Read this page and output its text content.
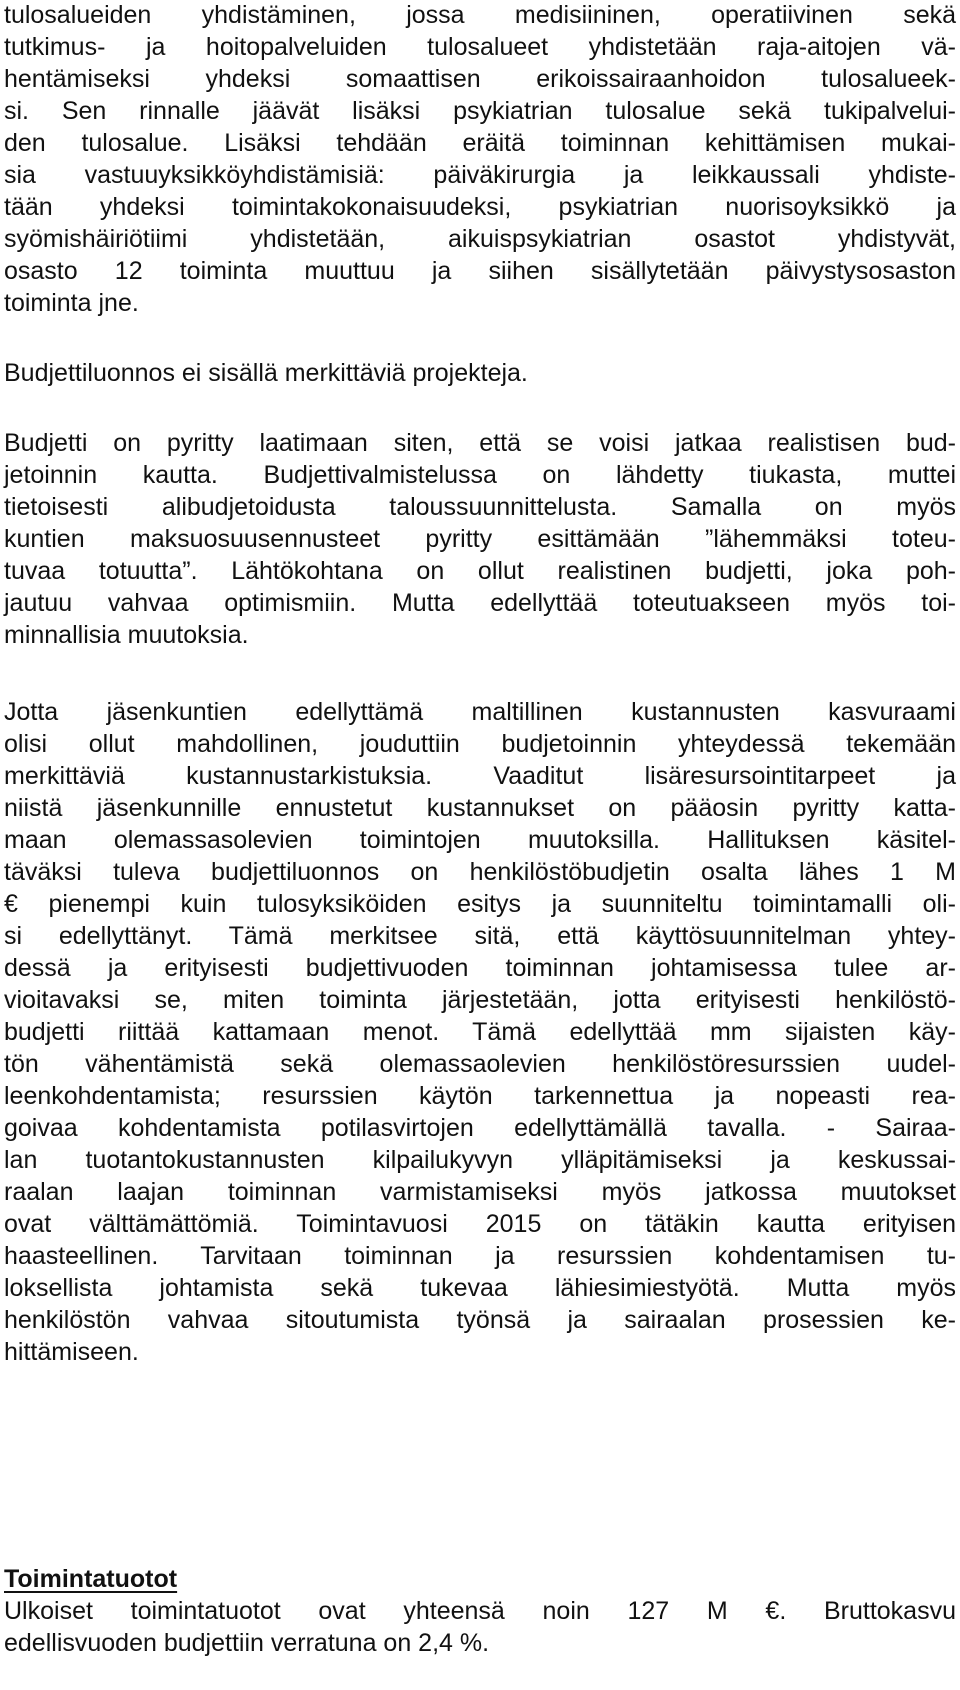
tulosalueiden yhdistäminen, jossa medisiininen, operatiivinen sekä
tutkimus- ja hoitopalveluiden tulosalueet yhdistetään raja-aitojen vä-
hentämiseksi yhdeksi somaattisen erikoissairaanhoidon tulosalueek-
si. Sen rinnalle jäävät lisäksi psykiatrian tulosalue sekä tukipalvelui-
den tulosalue. Lisäksi tehdään eräitä toiminnan kehittämisen mukai-
sia vastuuyksikköyhdistämisiä: päiväkirurgia ja leikkaussali yhdiste-
tään yhdeksi toimintakokonaisuudeksi, psykiatrian nuorisoyksikkö ja
syömishäiriötiimi yhdistetään, aikuispsykiatrian osastot yhdistyvät,
osasto 12 toiminta muuttuu ja siihen sisällytetään päivystysosaston
toiminta jne.
Budjettiluonnos ei sisällä merkittäviä projekteja.
Budjetti on pyritty laatimaan siten, että se voisi jatkaa realistisen bud-
jetoinnin kautta. Budjettivalmistelussa on lähdetty tiukasta, muttei
tietoisesti alibudjetoidusta taloussuunnittelusta. Samalla on myös
kuntien maksuosuusennusteet pyritty esittämään ”lähemmäksi toteu-
tuvaa totuutta”. Lähtökohtana on ollut realistinen budjetti, joka poh-
jautuu vahvaa optimismiin. Mutta edellyttää toteutuakseen myös toi-
minnallisia muutoksia.
Jotta jäsenkuntien edellyttämä maltillinen kustannusten kasvuraami
olisi ollut mahdollinen, jouduttiin budjetoinnin yhteydessä tekemään
merkittäviä kustannustarkistuksia. Vaaditut lisäresursointitarpeet ja
niistä jäsenkunnille ennustetut kustannukset on pääosin pyritty katta-
maan olemassasolevien toimintojen muutoksilla. Hallituksen käsitel-
täväksi tuleva budjettiluonnos on henkilöstöbudjetin osalta lähes 1 M
€ pienempi kuin tulosyksiköiden esitys ja suunniteltu toimintamalli oli-
si edellyttänyt. Tämä merkitsee sitä, että käyttösuunnitelman yhtey-
dessä ja erityisesti budjettivuoden toiminnan johtamisessa tulee ar-
vioitavaksi se, miten toiminta järjestetään, jotta erityisesti henkilöstö-
budjetti riittää kattamaan menot. Tämä edellyttää mm sijaisten käy-
tön vähentämistä sekä olemassaolevien henkilöstöresurssien uudel-
leenkohdentamista; resurssien käytön tarkennettua ja nopeasti rea-
goivaa kohdentamista potilasvirtojen edellyttämällä tavalla. - Sairaa-
lan tuotantokustannusten kilpailukyvyn ylläpitämiseksi ja keskussai-
raalan laajan toiminnan varmistamiseksi myös jatkossa muutokset
ovat välttämättömiä. Toimintavuosi 2015 on tätäkin kautta erityisen
haasteellinen. Tarvitaan toiminnan ja resurssien kohdentamisen tu-
loksellista johtamista sekä tukevaa lähiesimiestyötä. Mutta myös
henkilöstön vahvaa sitoutumista työnsä ja sairaalan prosessien ke-
hittämiseen.
Toimintatuotot
Ulkoiset toimintatuotot ovat yhteensä noin 127 M €. Bruttokasvu
edellisvuoden budjettiin verratuna on 2,4 %.
